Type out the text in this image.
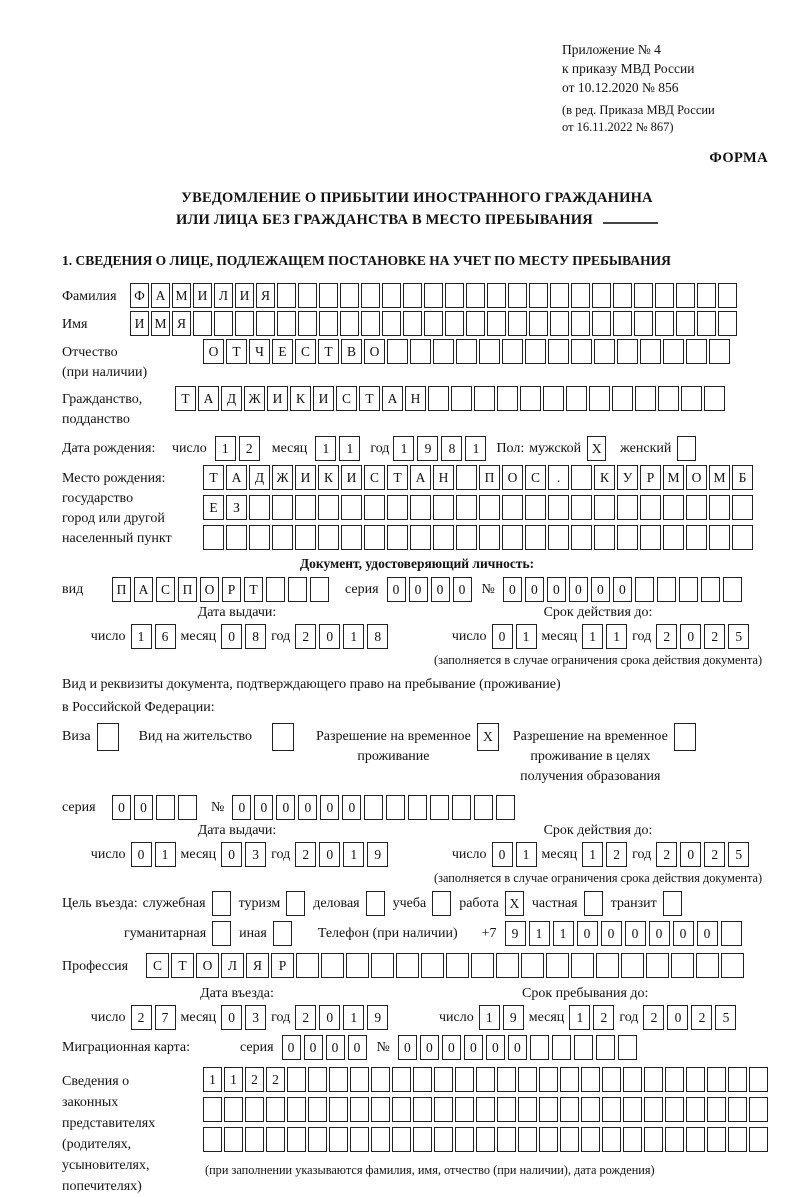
Приложение № 4
к приказу МВД России
от 10.12.2020 № 856
(в ред. Приказа МВД России
от 16.11.2022 № 867)
ФОРМА
УВЕДОМЛЕНИЕ О ПРИБЫТИИ ИНОСТРАННОГО ГРАЖДАНИНА
ИЛИ ЛИЦА БЕЗ ГРАЖДАНСТВА В МЕСТО ПРЕБЫВАНИЯ
1. СВЕДЕНИЯ О ЛИЦЕ, ПОДЛЕЖАЩЕМ ПОСТАНОВКЕ НА УЧЕТ ПО МЕСТУ ПРЕБЫВАНИЯ
Фамилия	Ф А М И Л И Я
Имя	И М Я
Отчество
(при наличии)
О	Т	Ч	Е	С	Т	В	О
Гражданство,
подданство
Т	А	Д Ж И	К	И	С	Т	А Н
Дата рождения:	число	1	2	месяц	1	1	год 1	9	8	1	Пол: мужской X	женский
Место рождения:
государство
город или другой
населенный пункт
Т	А	Д Ж И	К	И	С	Т	А Н	П О	С	.	К	У	Р М О М Б
Е	З
Документ, удостоверяющий личность:
вид	П А С П О Р	Т	серия	0	0	0	0	№	0	0	0	0	0	0
Дата выдачи:
число 1	6 месяц 0	8 год 2	0	1	8
Срок действия до:
число 0	1 месяц 1	1 год 2	0	2	5
(заполняется в случае ограничения срока действия документа)
Вид и реквизиты документа, подтверждающего право на пребывание (проживание)
в Российской Федерации:
Виза	Вид на жительство	Разрешение на временное
проживание
X	Разрешение на временное
проживание в целях
получения образования
серия	0	0	№	0	0	0	0	0	0
Дата выдачи:
число 0	1 месяц 0	3 год 2	0	1	9
Срок действия до:
число 0	1 месяц 1	2 год 2	0	2	5
(заполняется в случае ограничения срока действия документа)
Цель въезда: служебная туризм деловая учеба работа X частная транзит
гуманитарная иная	Телефон (при наличии) +7	9	1	1	0	0	0	0	0	0
Профессия	С	Т	О	Л	Я	Р
Дата въезда:
число 2	7 месяц 0	3 год 2	0	1	9
Срок пребывания до:
число 1	9 месяц 1	2 год 2	0	2	5
Миграционная карта:	серия	0	0	0	0	№	0	0	0	0	0	0
Сведения о
законных
представителях
(родителях,
усыновителях,
попечителях)
1	1	2	2
(при заполнении указываются фамилия, имя, отчество (при наличии), дата рождения)
